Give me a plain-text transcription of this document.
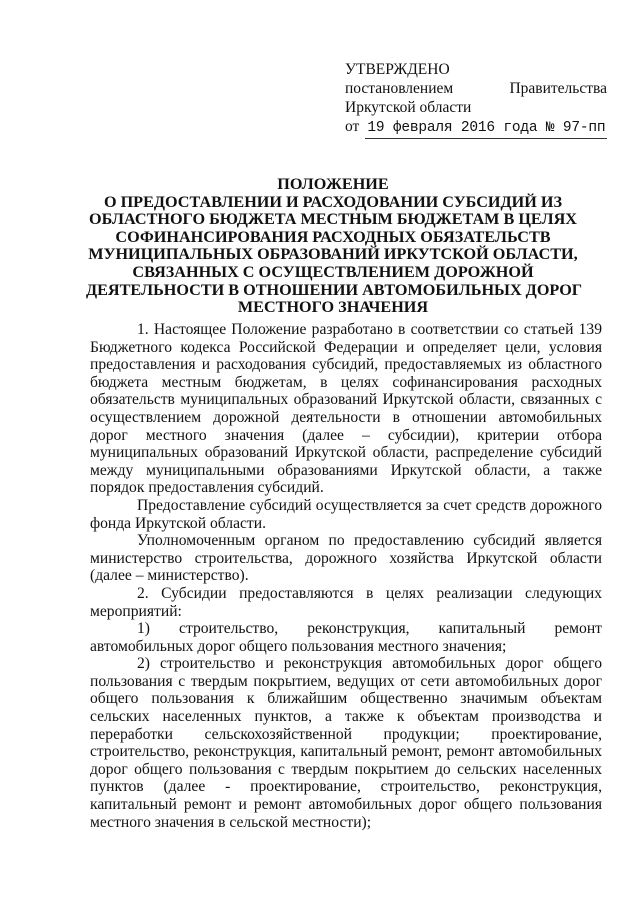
УТВЕРЖДЕНО
постановлением	Правительства
Иркутской области
от 19 февраля 2016 года № 97-пп
ПОЛОЖЕНИЕ
О ПРЕДОСТАВЛЕНИИ И РАСХОДОВАНИИ СУБСИДИЙ ИЗ
ОБЛАСТНОГО БЮДЖЕТА МЕСТНЫМ БЮДЖЕТАМ В ЦЕЛЯХ
СОФИНАНСИРОВАНИЯ РАСХОДНЫХ ОБЯЗАТЕЛЬСТВ
МУНИЦИПАЛЬНЫХ ОБРАЗОВАНИЙ ИРКУТСКОЙ ОБЛАСТИ,
СВЯЗАННЫХ С ОСУЩЕСТВЛЕНИЕМ ДОРОЖНОЙ
ДЕЯТЕЛЬНОСТИ В ОТНОШЕНИИ АВТОМОБИЛЬНЫХ ДОРОГ
МЕСТНОГО ЗНАЧЕНИЯ

1. Настоящее Положение разработано в соответствии со статьей 139 Бюджетного кодекса Российской Федерации и определяет цели, условия предоставления и расходования субсидий, предоставляемых из областного бюджета местным бюджетам, в целях софинансирования расходных обязательств муниципальных образований Иркутской области, связанных с осуществлением дорожной деятельности в отношении автомобильных дорог местного значения (далее – субсидии), критерии отбора муниципальных образований Иркутской области, распределение субсидий между муниципальными образованиями Иркутской области, а также порядок предоставления субсидий.

Предоставление субсидий осуществляется за счет средств дорожного фонда Иркутской области.

Уполномоченным органом по предоставлению субсидий является министерство строительства, дорожного хозяйства Иркутской области (далее – министерство).

2. Субсидии предоставляются в целях реализации следующих мероприятий:

1) строительство, реконструкция, капитальный ремонт автомобильных дорог общего пользования местного значения;

2) строительство и реконструкция автомобильных дорог общего пользования с твердым покрытием, ведущих от сети автомобильных дорог общего пользования к ближайшим общественно значимым объектам сельских населенных пунктов, а также к объектам производства и переработки сельскохозяйственной продукции; проектирование, строительство, реконструкция, капитальный ремонт, ремонт автомобильных дорог общего пользования с твердым покрытием до сельских населенных пунктов (далее - проектирование, строительство, реконструкция, капитальный ремонт и ремонт автомобильных дорог общего пользования местного значения в сельской местности);
